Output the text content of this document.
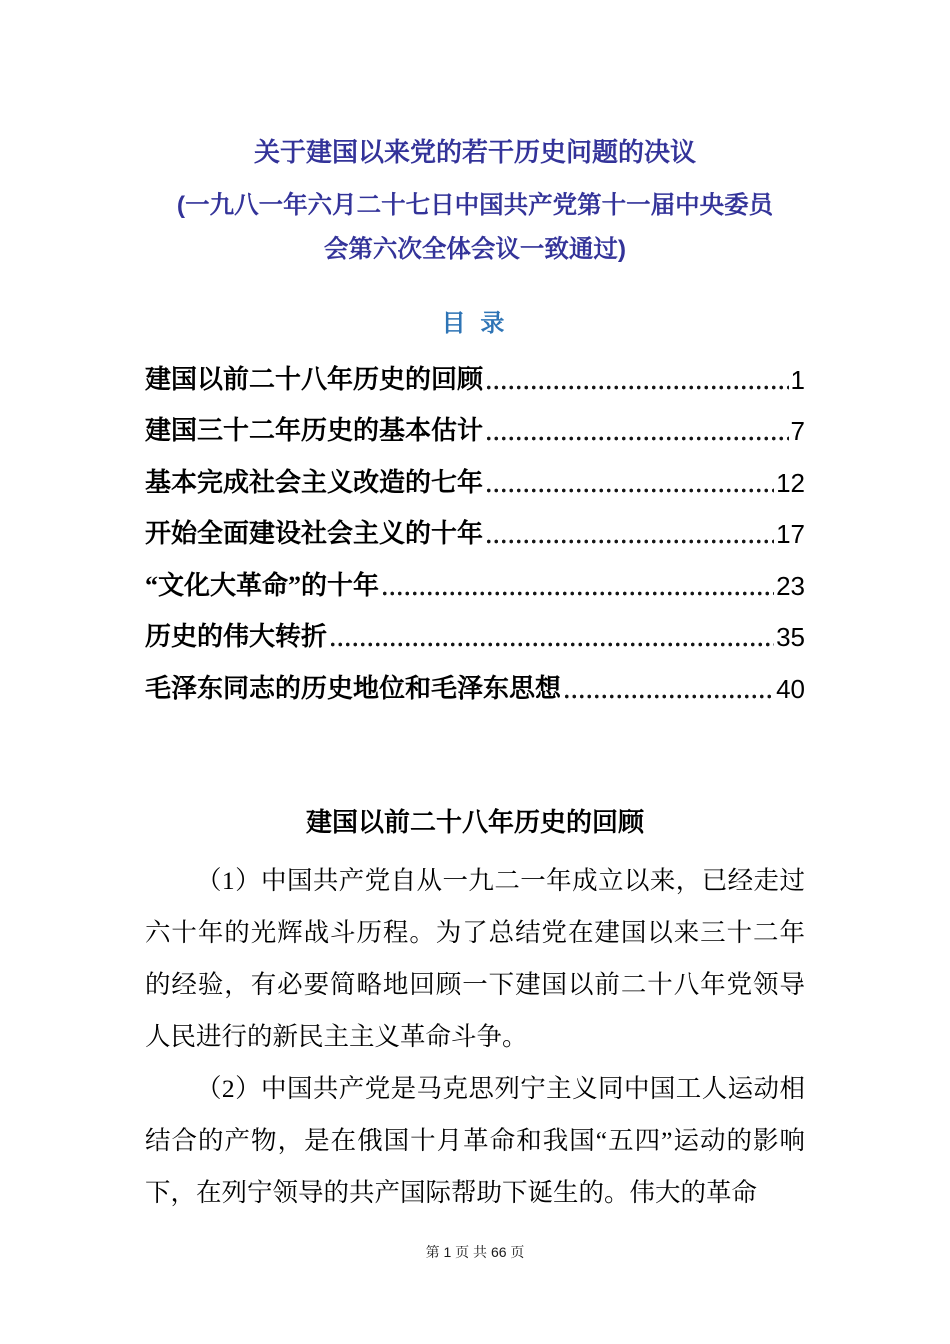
关于建国以来党的若干历史问题的决议
(一九八一年六月二十七日中国共产党第十一届中央委员
会第六次全体会议一致通过)
目 录
建国以前二十八年历史的回顾	1
建国三十二年历史的基本估计	7
基本完成社会主义改造的七年	12
开始全面建设社会主义的十年	17
“文化大革命”的十年	23
历史的伟大转折	35
毛泽东同志的历史地位和毛泽东思想	40
建国以前二十八年历史的回顾

（1）中国共产党自从一九二一年成立以来，已经走过六十年的光辉战斗历程。为了总结党在建国以来三十二年的经验，有必要简略地回顾一下建国以前二十八年党领导人民进行的新民主主义革命斗争。

（2）中国共产党是马克思列宁主义同中国工人运动相结合的产物，是在俄国十月革命和我国“五四”运动的影响下，在列宁领导的共产国际帮助下诞生的。伟大的革命

第 1 页 共 66 页
